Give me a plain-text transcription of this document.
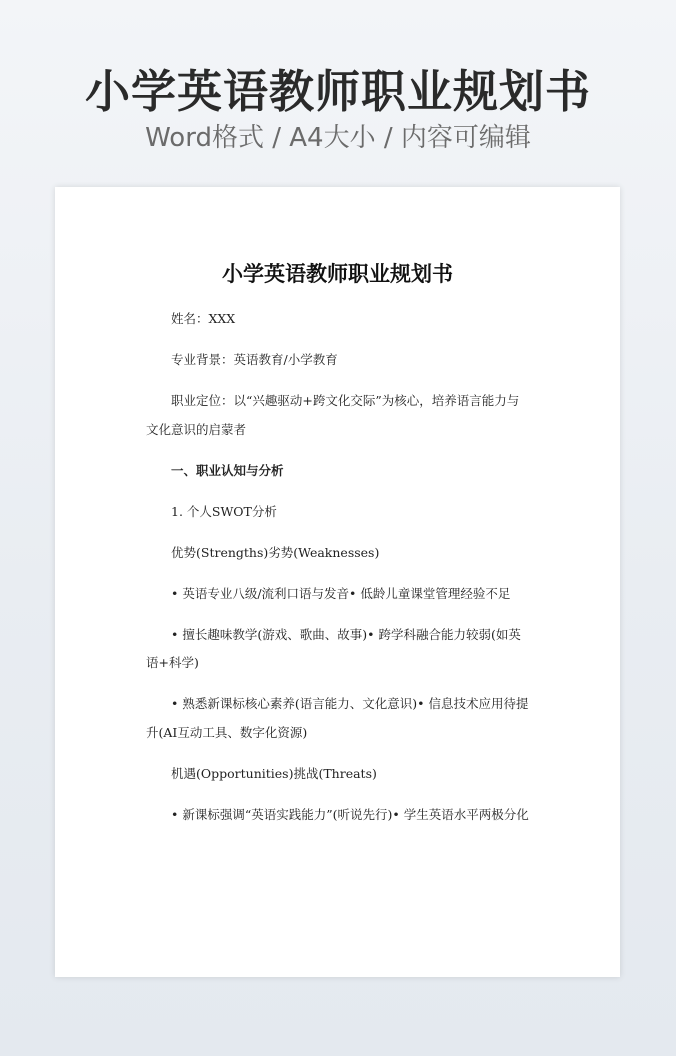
小学英语教师职业规划书
Word格式 / A4大小 / 内容可编辑
小学英语教师职业规划书

姓名：XXX

专业背景：英语教育/小学教育

职业定位：以“兴趣驱动+跨文化交际”为核心，培养语言能力与文化意识的启蒙者

一、职业认知与分析

1. 个人SWOT分析

优势(Strengths)劣势(Weaknesses)

• 英语专业八级/流利口语与发音• 低龄儿童课堂管理经验不足

• 擅长趣味教学(游戏、歌曲、故事)• 跨学科融合能力较弱(如英语+科学)

• 熟悉新课标核心素养(语言能力、文化意识)• 信息技术应用待提升(AI互动工具、数字化资源)

机遇(Opportunities)挑战(Threats)

• 新课标强调“英语实践能力”(听说先行)• 学生英语水平两极分化
